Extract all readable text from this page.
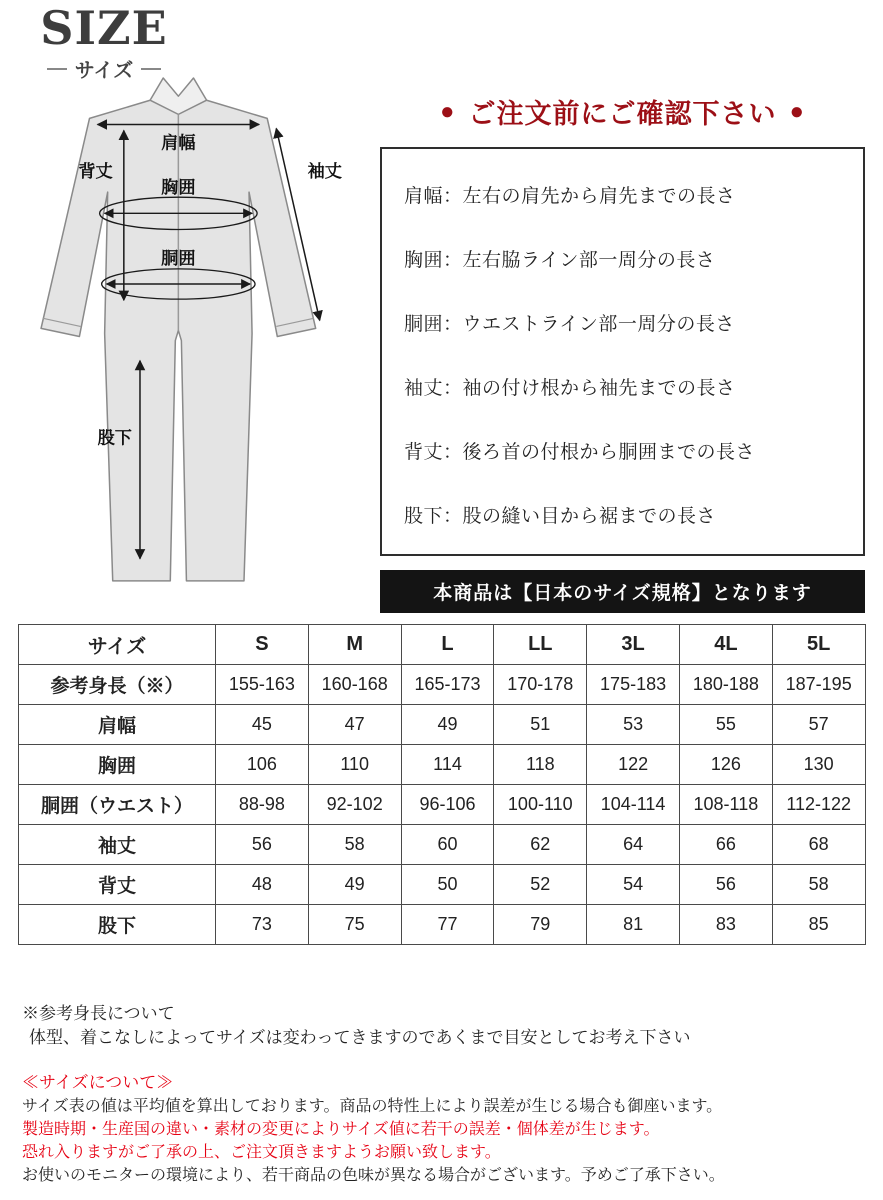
SIZE
サイズ
肩幅
背丈	袖丈
胸囲
胴囲
股下
● ご注文前にご確認下さい ●
肩幅：左右の肩先から肩先までの長さ
胸囲：左右脇ライン部一周分の長さ
胴囲：ウエストライン部一周分の長さ
袖丈：袖の付け根から袖先までの長さ
背丈：後ろ首の付根から胴囲までの長さ
股下：股の縫い目から裾までの長さ
本商品は【日本のサイズ規格】となります
サイズ	S	M	L	LL	3L	4L	5L
参考身長（※）	155-163	160-168	165-173	170-178	175-183	180-188	187-195
肩幅	45	47	49	51	53	55	57
胸囲	106	110	114	118	122	126	130
胴囲（ウエスト）	88-98	92-102	96-106	100-110	104-114	108-118	112-122
袖丈	56	58	60	62	64	66	68
背丈	48	49	50	52	54	56	58
股下	73	75	77	79	81	83	85

※参考身長について

体型、着こなしによってサイズは変わってきますのであくまで目安としてお考え下さい

≪サイズについて≫

サイズ表の値は平均値を算出しております。商品の特性上により誤差が生じる場合も御座います。

製造時期・生産国の違い・素材の変更によりサイズ値に若干の誤差・個体差が生じます。

恐れ入りますがご了承の上、ご注文頂きますようお願い致します。

お使いのモニターの環境により、若干商品の色味が異なる場合がございます。予めご了承下さい。
